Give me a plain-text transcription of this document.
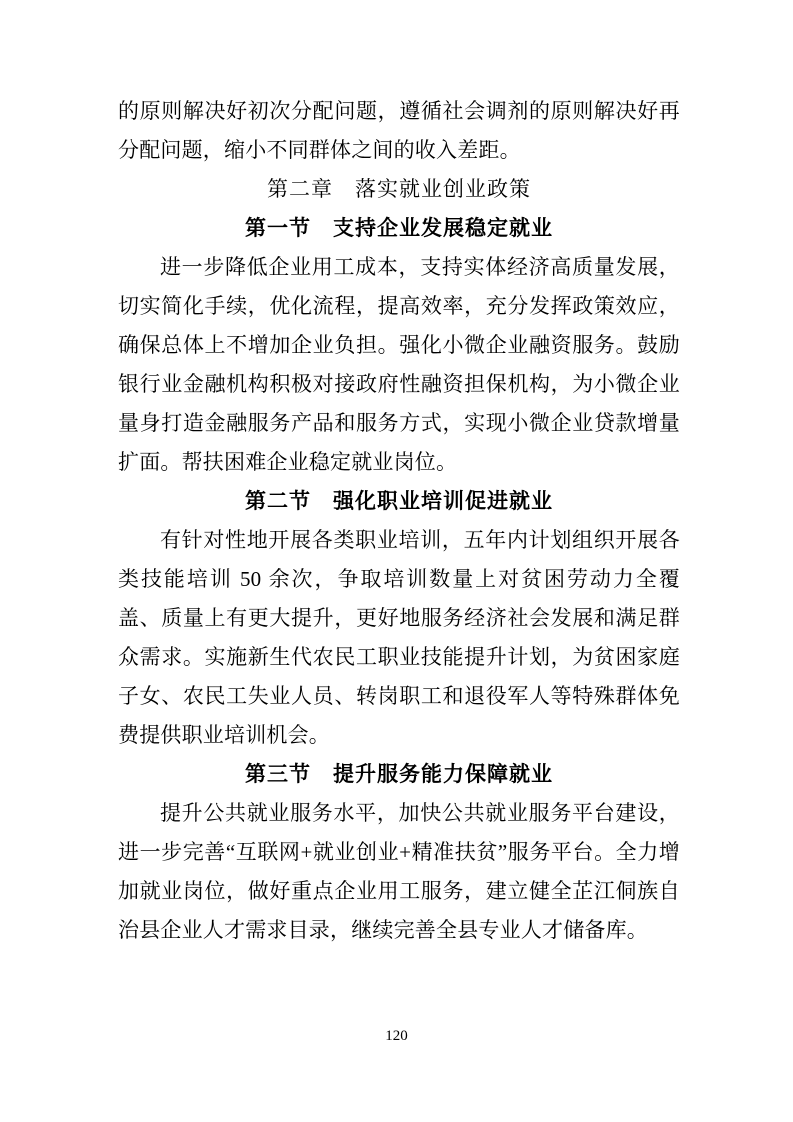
的原则解决好初次分配问题，遵循社会调剂的原则解决好再分配问题，缩小不同群体之间的收入差距。

第二章　落实就业创业政策
第一节　支持企业发展稳定就业

进一步降低企业用工成本，支持实体经济高质量发展，切实简化手续，优化流程，提高效率，充分发挥政策效应，确保总体上不增加企业负担。强化小微企业融资服务。鼓励银行业金融机构积极对接政府性融资担保机构，为小微企业量身打造金融服务产品和服务方式，实现小微企业贷款增量扩面。帮扶困难企业稳定就业岗位。

第二节　强化职业培训促进就业

有针对性地开展各类职业培训，五年内计划组织开展各类技能培训 50 余次，争取培训数量上对贫困劳动力全覆盖、质量上有更大提升，更好地服务经济社会发展和满足群众需求。实施新生代农民工职业技能提升计划，为贫困家庭子女、农民工失业人员、转岗职工和退役军人等特殊群体免费提供职业培训机会。

第三节　提升服务能力保障就业

提升公共就业服务水平，加快公共就业服务平台建设，进一步完善“互联网+就业创业+精准扶贫”服务平台。全力增加就业岗位，做好重点企业用工服务，建立健全芷江侗族自治县企业人才需求目录，继续完善全县专业人才储备库。

120
